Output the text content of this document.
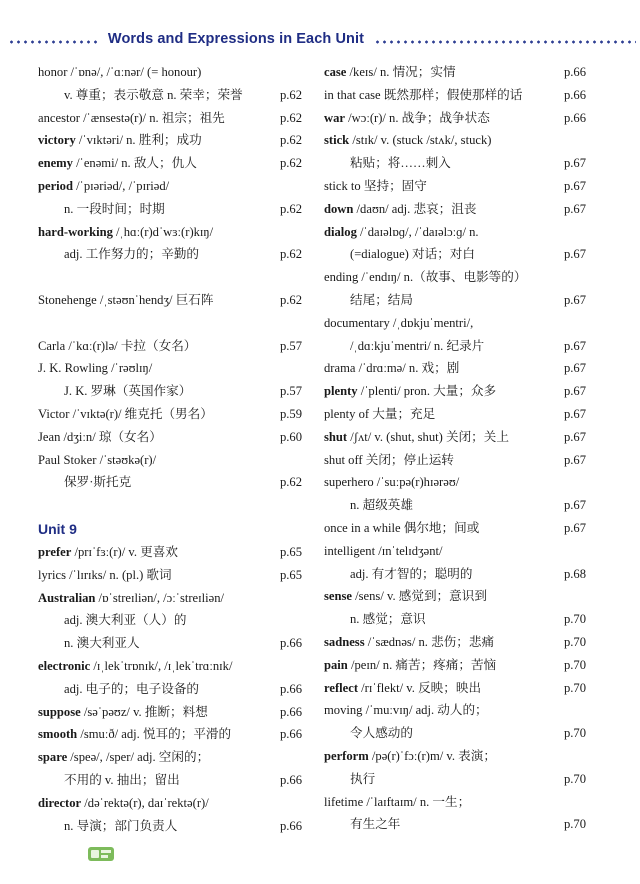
Words and Expressions in Each Unit
honor /ˈɒnə/, /ˈɑːnər/ (= honour)
v. 尊重；表示敬意 n. 荣幸；荣誉	p.62
ancestor /ˈænsestə(r)/ n. 祖宗；祖先	p.62
victory /ˈvɪktəri/ n. 胜利；成功	p.62
enemy /ˈenəmi/ n. 敌人；仇人	p.62
period /ˈpɪəriəd/, /ˈpɪriəd/
n. 一段时间；时期	p.62
hard-working /ˌhɑː(r)dˈwɜː(r)kɪŋ/
adj. 工作努力的；辛勤的	p.62
Stonehenge /ˌstəʊnˈhendʒ/ 巨石阵	p.62
Carla /ˈkɑː(r)lə/ 卡拉（女名）	p.57
J. K. Rowling /ˈrəʊlɪŋ/
J. K. 罗琳（英国作家）	p.57
Victor /ˈvɪktə(r)/ 维克托（男名）	p.59
Jean /dʒiːn/ 琼（女名）	p.60
Paul Stoker /ˈstəʊkə(r)/
保罗·斯托克	p.62
Unit 9
prefer /prɪˈfɜː(r)/ v. 更喜欢	p.65
lyrics /ˈlɪrɪks/ n. (pl.) 歌词	p.65
Australian /ɒˈstreɪliən/, /ɔːˈstreɪliən/
adj. 澳大利亚（人）的
n. 澳大利亚人	p.66
electronic /ɪˌlekˈtrɒnɪk/, /ɪˌlekˈtrɑːnɪk/
adj. 电子的；电子设备的	p.66
suppose /səˈpəʊz/ v. 推断；料想	p.66
smooth /smuːð/ adj. 悦耳的；平滑的	p.66
spare /speə/, /sper/ adj. 空闲的；
不用的 v. 抽出；留出	p.66
director /dəˈrektə(r), daɪˈrektə(r)/
n. 导演；部门负责人	p.66
case /keɪs/ n. 情况；实情	p.66
in that case 既然那样；假使那样的话	p.66
war /wɔː(r)/ n. 战争；战争状态	p.66
stick /stɪk/ v. (stuck /stʌk/, stuck)
粘贴；将……刺入	p.67
stick to 坚持；固守	p.67
down /daʊn/ adj. 悲哀；沮丧	p.67
dialog /ˈdaɪəlɒɡ/, /ˈdaɪəlɔːɡ/ n.
(=dialogue) 对话；对白	p.67
ending /ˈendɪŋ/ n.（故事、电影等的）
结尾；结局	p.67
documentary /ˌdɒkjuˈmentri/,
/ˌdɑːkjuˈmentri/ n. 纪录片	p.67
drama /ˈdrɑːmə/ n. 戏；剧	p.67
plenty /ˈplenti/ pron. 大量；众多	p.67
plenty of 大量；充足	p.67
shut /ʃʌt/ v. (shut, shut) 关闭；关上	p.67
shut off 关闭；停止运转	p.67
superhero /ˈsuːpə(r)hɪərəʊ/
n. 超级英雄	p.67
once in a while 偶尔地；间或	p.67
intelligent /ɪnˈtelɪdʒənt/
adj. 有才智的；聪明的	p.68
sense /sens/ v. 感觉到；意识到
n. 感觉；意识	p.70
sadness /ˈsædnəs/ n. 悲伤；悲痛	p.70
pain /peɪn/ n. 痛苦；疼痛；苦恼	p.70
reflect /rɪˈflekt/ v. 反映；映出	p.70
moving /ˈmuːvɪŋ/ adj. 动人的；
令人感动的	p.70
perform /pə(r)ˈfɔː(r)m/ v. 表演；
执行	p.70
lifetime /ˈlaɪftaɪm/ n. 一生；
有生之年	p.70
